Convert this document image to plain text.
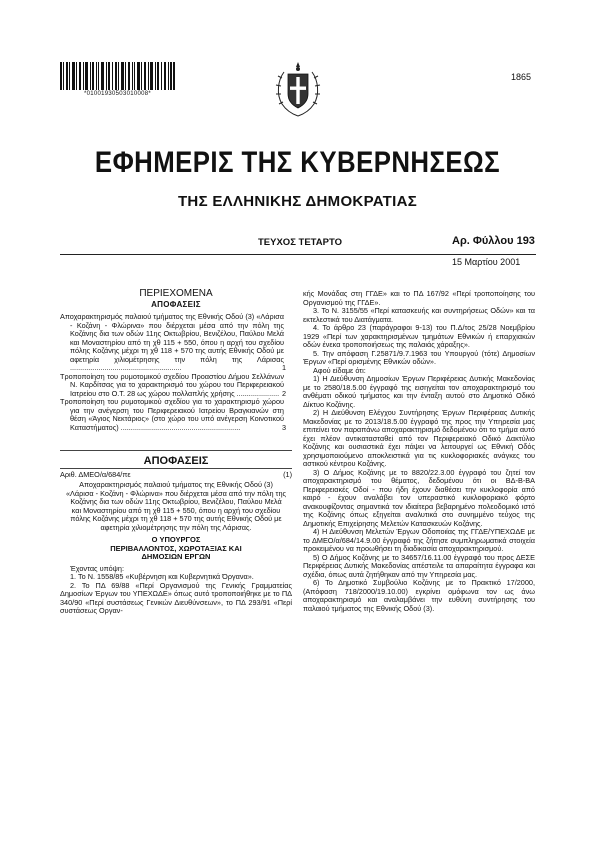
*01001930503010008*
1865
ΕΦΗΜΕΡΙΣ ΤΗΣ ΚΥΒΕΡΝΗΣΕΩΣ
ΤΗΣ ΕΛΛΗΝΙΚΗΣ ΔΗΜΟΚΡΑΤΙΑΣ
ΤΕΥΧΟΣ ΤΕΤΑΡΤΟ	Αρ. Φύλλου 193
15 Μαρτίου 2001
ΠΕΡΙΕΧΟΜΕΝΑ
ΑΠΟΦΑΣΕΙΣ

Αποχαρακτηρισμός παλαιού τμήματος της Εθνικής Οδού (3) «Λάρισα - Κοζάνη - Φλώρινα» που διέρχεται μέσα από την πόλη της Κοζάνης δια των οδών 11ης Οκτωβρίου, Βενιζέλου, Παύλου Μελά και Μοναστηρίου από τη χθ 115 + 550, όπου η αρχή του σχεδίου πόλης Κοζάνης μέχρι τη χθ 118 + 570 της αυτής Εθνικής Οδού με αφετηρία χιλιομέτρησης την πόλη της Λάρισας .......................................................	1

Τροποποίηση του ρυμοτομικού σχεδίου Προαστίου Δήμου Σελλάνων Ν. Καρδίτσας για το χαρακτηρισμό του χώρου του Περιφερειακού Ιατρείου στο Ο.Τ. 28 ως χώρου πολλαπλής χρήσης ..................... 2

Τροποποίηση του ρυμοτομικού σχεδίου για το χαρακτηρισμό χώρου για την ανέγερση του Περιφερειακού Ιατρείου Βραγκιανών στη θέση «Άγιος Νεκτάριος» (στο χώρο του υπό ανέγερση Κοινοτικού Καταστήματος) ...........................................................	3

ΑΠΟΦΑΣΕΙΣ
Αριθ. ΔΜΕΟ/α/684/πε	(1)

Αποχαρακτηρισμός παλαιού τμήματος της Εθνικής Οδού (3) «Λάρισα - Κοζάνη - Φλώρινα» που διέρχεται μέσα από την πόλη της Κοζάνης δια των οδών 11ης Οκτωβρίου, Βενιζέλου, Παύλου Μελά και Μοναστηρίου από τη χθ 115 + 550, όπου η αρχή του σχεδίου πόλης Κοζάνης μέχρι τη χθ 118 + 570 της αυτής Εθνικής Οδού με αφετηρία χιλιομέτρησης την πόλη της Λάρισας.

Ο ΥΠΟΥΡΓΟΣ
ΠΕΡΙΒΑΛΛΟΝΤΟΣ, ΧΩΡΟΤΑΞΙΑΣ ΚΑΙ
ΔΗΜΟΣΙΩΝ ΕΡΓΩΝ

Έχοντας υπόψη:

1. Το Ν. 1558/85 «Κυβέρνηση και Κυβερνητικά Όργανα».

2. Το ΠΔ 69/88 «Περί Οργανισμού της Γενικής Γραμματείας Δημοσίων Έργων του ΥΠΕΧΩΔΕ» όπως αυτό τροποποιήθηκε με το ΠΔ 340/90 «Περί συστάσεως Γενικών Διευθύνσεων», το ΠΔ 293/91 «Περί συστάσεως Οργαν-

κής Μονάδας στη ΓΓΔΕ» και το ΠΔ 167/92 «Περί τροποποίησης του Οργανισμού της ΓΓΔΕ».

3. Το Ν. 3155/55 «Περί κατασκευής και συντηρήσεως Οδών» και τα εκτελεστικά του Διατάγματα.

4. Το άρθρο 23 (παράγραφοι 9-13) του Π.Δ/τος 25/28 Νοεμβρίου 1929 «Περί των χαρακτηρισμένων τμημάτων Εθνικών ή επαρχιακών οδών ένεκα τροποποιήσεως της παλαιάς χάραξης».

5. Την απόφαση Γ.25871/9.7.1963 του Υπουργού (τότε) Δημοσίων Έργων «Περί ορισμένης Εθνικών οδών».

Αφού είδαμε ότι:

1) Η Διεύθυνση Δημοσίων Έργων Περιφέρειας Δυτικής Μακεδονίας με το 2580/18.5.00 έγγραφό της εισηγείται τον αποχαρακτηρισμό του ανθέματι οδικού τμήματος και την ένταξη αυτού στο Δημοτικό Οδικό Δίκτυο Κοζάνης.

2) Η Διεύθυνση Ελέγχου Συντήρησης Έργων Περιφέρειας Δυτικής Μακεδονίας με το 2013/18.5.00 έγγραφό της προς την Υπηρεσία μας επιτείνει τον παραπάνω αποχαρακτηρισμό δεδομένου ότι το τμήμα αυτό έχει πλέον αντικατασταθεί από τον Περιφερειακό Οδικό Δακτύλιο Κοζάνης και ουσιαστικά έχει πάψει να λειτουργεί ως Εθνική Οδός χρησιμοποιούμενο αποκλειστικά για τις κυκλοφοριακές ανάγκες του αστικού κέντρου Κοζάνης.

3) Ο Δήμος Κοζάνης με το 8820/22.3.00 έγγραφό του ζητεί τον αποχαρακτηρισμό του θέματος, δεδομένου ότι οι ΒΔ-Β-ΒΑ Περιφερειακές Οδοί - που ήδη έχουν διαθέσει την κυκλοφορία από καιρό - έχουν αναλάβει τον υπεραστικό κυκλοφοριακό φόρτο ανακουφίζοντας σημαντικά τον ιδιαίτερα βεβαρημένο πολεοδομικό ιστό της Κοζάνης όπως εξηγείται αναλυτικά στο συνημμένο τεύχος της Δημοτικής Επιχείρησης Μελετών Κατασκευών Κοζάνης.

4) Η Διεύθυνση Μελετών Έργων Οδοποιίας της ΓΓΔΕ/ΥΠΕΧΩΔΕ με το ΔΜΕΟ/α/684/14.9.00 έγγραφό της ζήτησε συμπληρωματικά στοιχεία προκειμένου να προωθήσει τη διαδικασία αποχαρακτηρισμού.

5) Ο Δήμος Κοζάνης με το 34657/16.11.00 έγγραφό του προς ΔΕΣΕ Περιφέρειας Δυτικής Μακεδονίας απέστειλε τα απαραίτητα έγγραφα και σχέδια, όπως αυτά ζητήθηκαν από την Υπηρεσία μας.

6) Το Δημοτικό Συμβούλιο Κοζάνης με το Πρακτικό 17/2000, (Απόφαση 718/2000/19.10.00) εγκρίνει ομόφωνα τον ως άνω αποχαρακτηρισμό και αναλαμβάνει την ευθύνη συντήρησης του παλαιού τμήματος της Εθνικής Οδού (3).
